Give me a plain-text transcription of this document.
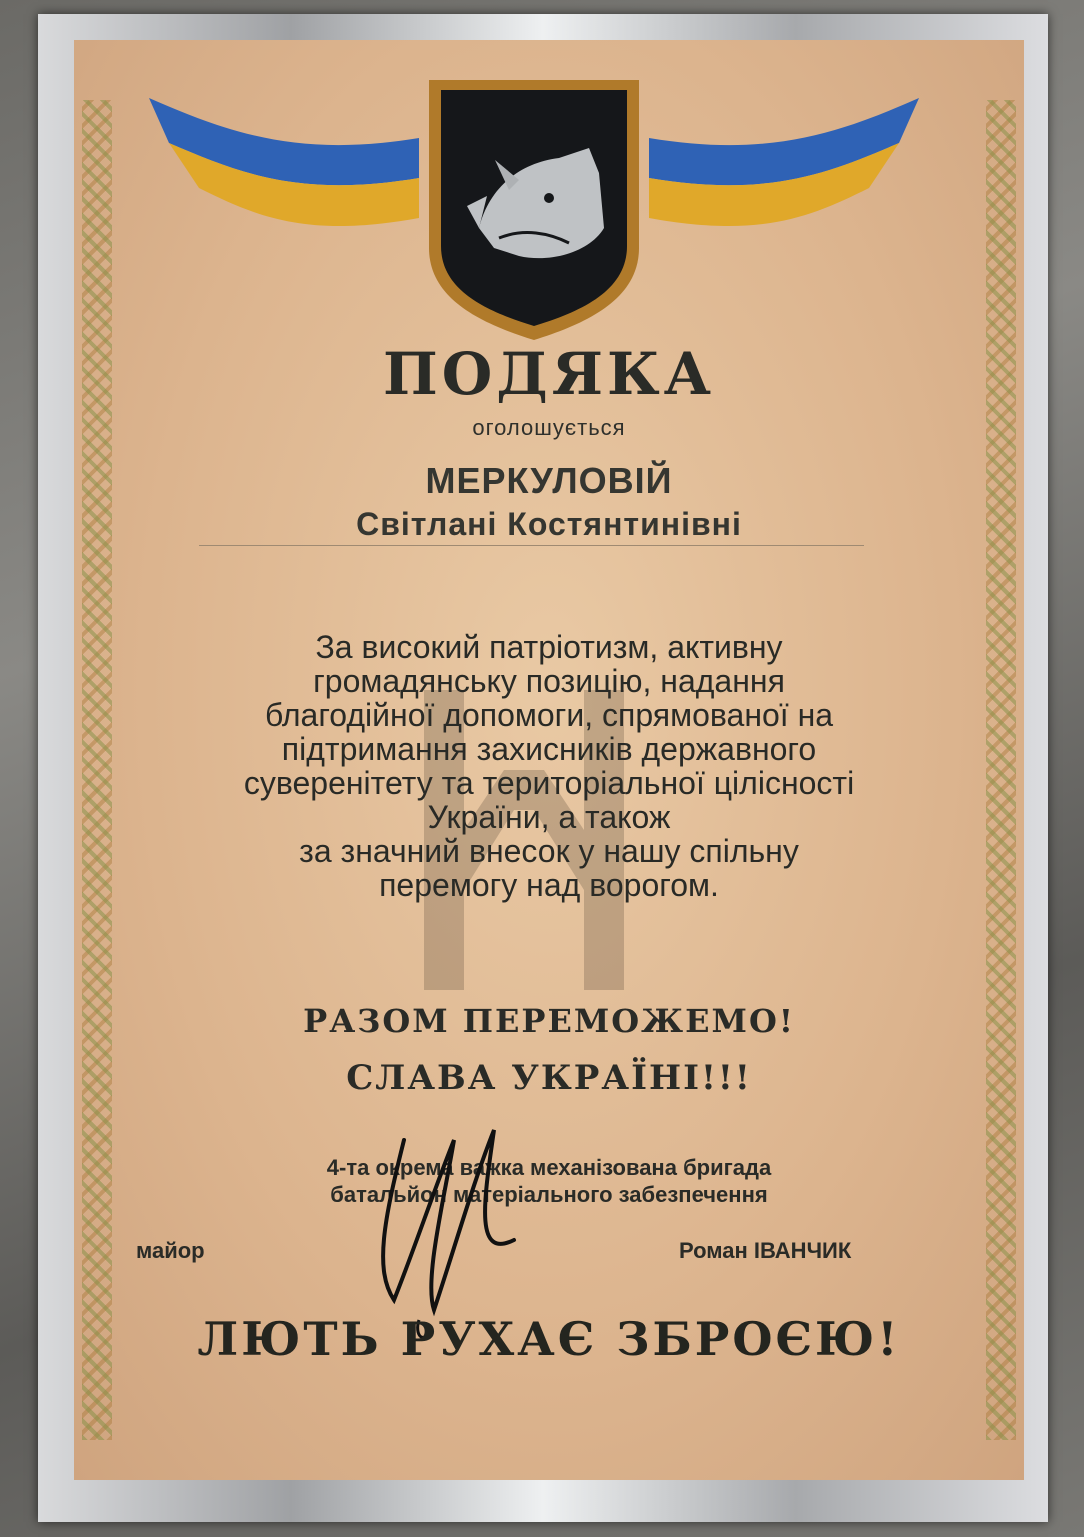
ПОДЯКА
оголошується
МЕРКУЛОВІЙ
Світлані Костянтинівні
За високий патріотизм, активну
громадянську позицію, надання
благодійної допомоги, спрямованої на
підтримання захисників державного
суверенітету та територіальної цілісності
України, а також
за значний внесок у нашу спільну
перемогу над ворогом.
РАЗОМ ПЕРЕМОЖЕМО!
СЛАВА УКРАЇНІ!!!
4-та окрема важка механізована бригада
батальйон матеріального забезпечення
майор	Роман ІВАНЧИК
ЛЮТЬ РУХАЄ ЗБРОЄЮ!
